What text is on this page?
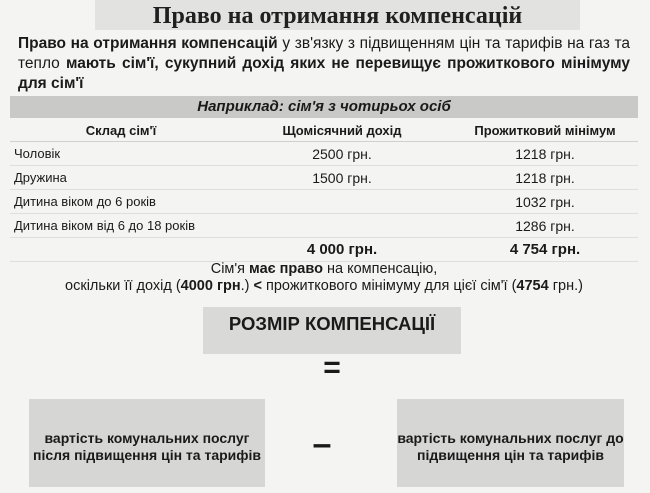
Право на отримання компенсацій
Право на отримання компенсацій у зв'язку з підвищенням цін та тарифів на газ та тепло мають сім'ї, сукупний дохід яких не перевищує прожиткового мінімуму для сім'ї
Наприклад: сім'я з чотирьох осіб
Склад сім'ї	Щомісячний дохід	Прожитковий мінімум
Чоловік	2500 грн.	1218 грн.
Дружина	1500 грн.	1218 грн.
Дитина віком до 6 років		1032 грн.
Дитина віком від 6 до 18 років		1286 грн.
	4 000 грн.	4 754 грн.
Сім'я має право на компенсацію,
оскільки її дохід (4000 грн.) < прожиткового мінімуму для цієї сім'ї (4754 грн.)
РОЗМІР КОМПЕНСАЦІЇ
=
вартість комунальних послуг після підвищення цін та тарифів	–	вартість комунальних послуг до підвищення цін та тарифів
